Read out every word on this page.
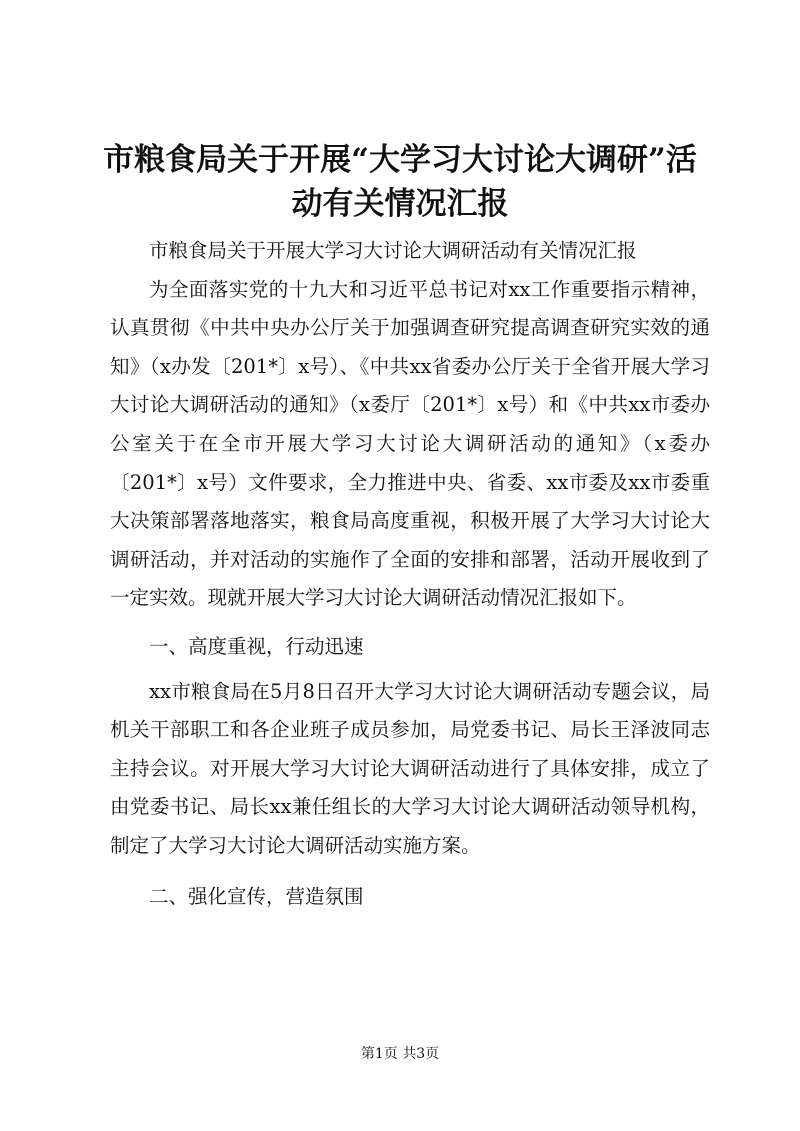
市粮食局关于开展“大学习大讨论大调研”活动有关情况汇报

市粮食局关于开展大学习大讨论大调研活动有关情况汇报

为全面落实党的十九大和习近平总书记对xx工作重要指示精神，认真贯彻《中共中央办公厅关于加强调查研究提高调查研究实效的通知》（x办发〔201*〕x号）、《中共xx省委办公厅关于全省开展大学习大讨论大调研活动的通知》（x委厅〔201*〕x号）和《中共xx市委办公室关于在全市开展大学习大讨论大调研活动的通知》（x委办〔201*〕x号）文件要求，全力推进中央、省委、xx市委及xx市委重大决策部署落地落实，粮食局高度重视，积极开展了大学习大讨论大调研活动，并对活动的实施作了全面的安排和部署，活动开展收到了一定实效。现就开展大学习大讨论大调研活动情况汇报如下。

一、高度重视，行动迅速

xx市粮食局在5月8日召开大学习大讨论大调研活动专题会议，局机关干部职工和各企业班子成员参加，局党委书记、局长王泽波同志主持会议。对开展大学习大讨论大调研活动进行了具体安排，成立了由党委书记、局长xx兼任组长的大学习大讨论大调研活动领导机构，制定了大学习大讨论大调研活动实施方案。

二、强化宣传，营造氛围

第1页 共3页
